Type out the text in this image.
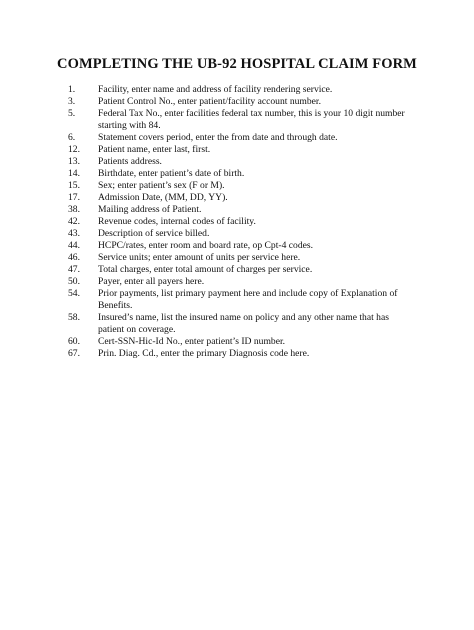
COMPLETING THE UB-92 HOSPITAL CLAIM FORM
1.	Facility, enter name and address of facility rendering service.
3.	Patient Control No., enter patient/facility account number.
5.	Federal Tax No., enter facilities federal tax number, this is your 10 digit number starting with 84.
6.	Statement covers period, enter the from date and through date.
12.	Patient name, enter last, first.
13.	Patients address.
14.	Birthdate, enter patient’s date of birth.
15.	Sex; enter patient’s sex (F or M).
17.	Admission Date, (MM, DD, YY).
38.	Mailing address of Patient.
42.	Revenue codes, internal codes of facility.
43.	Description of service billed.
44.	HCPC/rates, enter room and board rate, op Cpt-4 codes.
46.	Service units; enter amount of units per service here.
47.	Total charges, enter total amount of charges per service.
50.	Payer, enter all payers here.
54.	Prior payments, list primary payment here and include copy of Explanation of Benefits.
58.	Insured’s name, list the insured name on policy and any other name that has patient on coverage.
60.	Cert-SSN-Hic-Id No., enter patient’s ID number.
67.	Prin. Diag. Cd., enter the primary Diagnosis code here.
